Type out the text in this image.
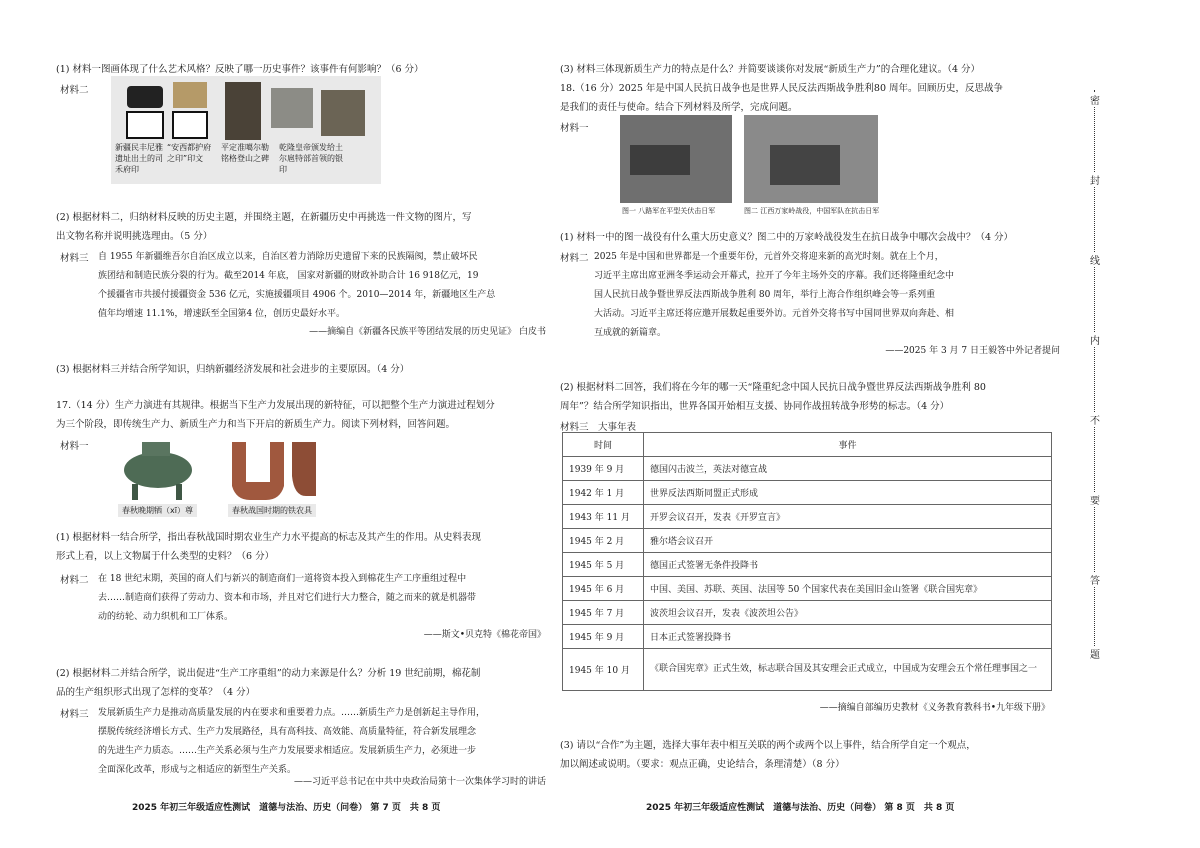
(1) 材料一图画体现了什么艺术风格？反映了哪一历史事件？该事件有何影响？（6 分）
材料二
新疆民丰尼雅遗址出土的司禾府印
“安西都护府之印”印文
平定准噶尔勒铭格登山之碑
乾隆皇帝颁发给土尔扈特部首领的银印
(2) 根据材料二，归纳材料反映的历史主题，并围绕主题，在新疆历史中再挑选一件文物的图片，写
出文物名称并说明挑选理由。（5 分）
材料三 自 1955 年新疆维吾尔自治区成立以来，自治区着力消除历史遗留下来的民族隔阂，禁止破坏民
族团结和制造民族分裂的行为。截至2014 年底， 国家对新疆的财政补助合计 16 918亿元，19
个援疆省市共援付援疆资金 536 亿元，实施援疆项目 4906 个。2010—2014 年，新疆地区生产总
值年均增速 11.1%，增速跃至全国第4 位，创历史最好水平。
——摘编自《新疆各民族平等团结发展的历史见证》 白皮书
(3) 根据材料三并结合所学知识，归纳新疆经济发展和社会进步的主要原因。（4 分）
17.（14 分）生产力演进有其规律。根据当下生产力发展出现的新特征，可以把整个生产力演进过程划分
为三个阶段，即传统生产力、新质生产力和当下开启的新质生产力。阅读下列材料，回答问题。
材料一
春秋晚期牺（xī）尊	春秋战国时期的铁农具
(1) 根据材料一结合所学，指出春秋战国时期农业生产力水平提高的标志及其产生的作用。从史料表现
形式上看，以上文物属于什么类型的史料？（6 分）
材料二 在 18 世纪末期，英国的商人们与新兴的制造商们一道将资本投入到棉花生产工序重组过程中
去……制造商们获得了劳动力、资本和市场，并且对它们进行大力整合，随之而来的就是机器带
动的纺轮、动力织机和工厂体系。
——斯文•贝克特《棉花帝国》
(2) 根据材料二并结合所学，说出促进“生产工序重组”的动力来源是什么？分析 19 世纪前期，棉花制
品的生产组织形式出现了怎样的变革？（4 分）
材料三 发展新质生产力是推动高质量发展的内在要求和重要着力点。……新质生产力是创新起主导作用，
摆脱传统经济增长方式、生产力发展路径，具有高科技、高效能、高质量特征，符合新发展理念
的先进生产力质态。……生产关系必须与生产力发展要求相适应。发展新质生产力，必须进一步
全面深化改革，形成与之相适应的新型生产关系。
——习近平总书记在中共中央政治局第十一次集体学习时的讲话
2025 年初三年级适应性测试　道德与法治、历史（问卷） 第 7 页　共 8 页
(3) 材料三体现新质生产力的特点是什么？并简要谈谈你对发展“新质生产力”的合理化建议。（4 分）
18.（16 分）2025 年是中国人民抗日战争也是世界人民反法西斯战争胜利80 周年。回顾历史，反思战争
是我们的责任与使命。结合下列材料及所学，完成问题。
材料一
图一 八路军在平型关伏击日军	图二 江西万家岭战役，中国军队在抗击日军
(1) 材料一中的图一战役有什么重大历史意义？图二中的万家岭战役发生在抗日战争中哪次会战中？（4 分）
材料二 2025 年是中国和世界都是一个重要年份，元首外交将迎来新的高光时刻。就在上个月，
习近平主席出席亚洲冬季运动会开幕式，拉开了今年主场外交的序幕。我们还将隆重纪念中
国人民抗日战争暨世界反法西斯战争胜利 80 周年，举行上海合作组织峰会等一系列重
大活动。习近平主席还将应邀开展数起重要外访。元首外交将书写中国同世界双向奔赴、相
互成就的新篇章。
——2025 年 3 月 7 日王毅答中外记者提问
(2) 根据材料二回答，我们将在今年的哪一天“隆重纪念中国人民抗日战争暨世界反法西斯战争胜利 80
周年”？结合所学知识指出，世界各国开始相互支援、协同作战扭转战争形势的标志。（4 分）
材料三　大事年表
时间	事件
1939 年 9 月	德国闪击波兰，英法对德宣战
1942 年 1 月	世界反法西斯同盟正式形成
1943 年 11 月	开罗会议召开，发表《开罗宣言》
1945 年 2 月	雅尔塔会议召开
1945 年 5 月	德国正式签署无条件投降书
1945 年 6 月	中国、美国、苏联、英国、法国等 50 个国家代表在美国旧金山签署《联合国宪章》
1945 年 7 月	波茨坦会议召开，发表《波茨坦公告》
1945 年 9 月	日本正式签署投降书
1945 年 10 月	《联合国宪章》正式生效，标志联合国及其安理会正式成立，中国成为安理会五个常任理事国之一
——摘编自部编历史教材《义务教育教科书•九年级下册》
(3) 请以“合作”为主题，选择大事年表中相互关联的两个或两个以上事件，结合所学自定一个观点，
加以阐述或说明。（要求：观点正确，史论结合，条理清楚）（8 分）
2025 年初三年级适应性测试　道德与法治、历史（问卷） 第 8 页　共 8 页
密
封
线
内
不
要
答
题
